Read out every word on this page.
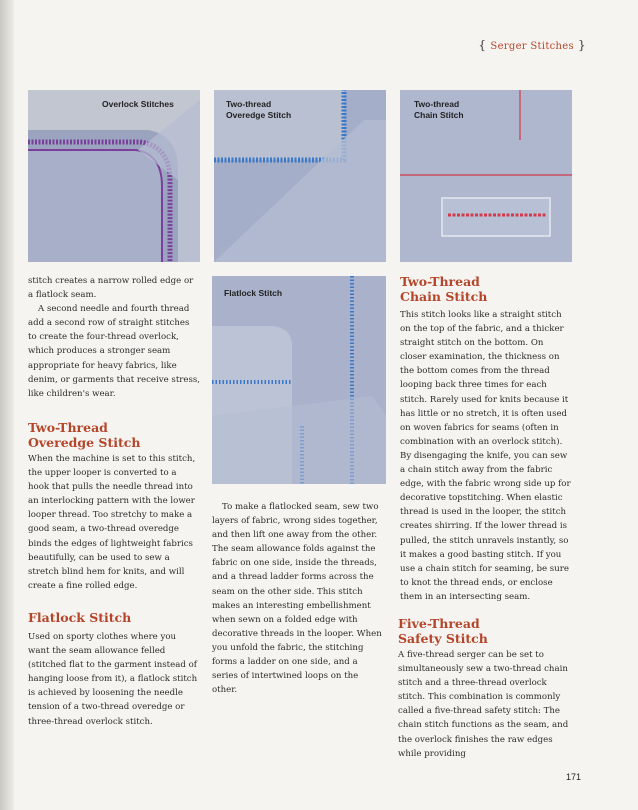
{ Serger Stitches }
Overlock Stitches	Two-thread
Overedge Stitch
Two-thread
Chain Stitch
Flatlock Stitch

stitch creates a narrow rolled edge or a flatlock seam.

A second needle and fourth thread add a second row of straight stitches to create the four-thread overlock, which produces a stronger seam appropriate for heavy fabrics, like denim, or garments that receive stress, like children's wear.

Two-Thread
Overedge Stitch

When the machine is set to this stitch, the upper looper is converted to a hook that pulls the needle thread into an interlocking pattern with the lower looper thread. Too stretchy to make a good seam, a two-thread overedge binds the edges of lightweight fabrics beautifully, can be used to sew a stretch blind hem for knits, and will create a fine rolled edge.

Flatlock Stitch

Used on sporty clothes where you want the seam allowance felled (stitched flat to the garment instead of hanging loose from it), a flatlock stitch is achieved by loosening the needle tension of a two-thread overedge or three-thread overlock stitch.

To make a flatlocked seam, sew two layers of fabric, wrong sides together, and then lift one away from the other. The seam allowance folds against the fabric on one side, inside the threads, and a thread ladder forms across the seam on the other side. This stitch makes an interesting embellishment when sewn on a folded edge with decorative threads in the looper. When you unfold the fabric, the stitching forms a ladder on one side, and a series of intertwined loops on the other.

Two-Thread
Chain Stitch

This stitch looks like a straight stitch on the top of the fabric, and a thicker straight stitch on the bottom. On closer examination, the thickness on the bottom comes from the thread looping back three times for each stitch. Rarely used for knits because it has little or no stretch, it is often used on woven fabrics for seams (often in combination with an overlock stitch). By disengaging the knife, you can sew a chain stitch away from the fabric edge, with the fabric wrong side up for decorative topstitching. When elastic thread is used in the looper, the stitch creates shirring. If the lower thread is pulled, the stitch unravels instantly, so it makes a good basting stitch. If you use a chain stitch for seaming, be sure to knot the thread ends, or enclose them in an intersecting seam.

Five-Thread
Safety Stitch

A five-thread serger can be set to simultaneously sew a two-thread chain stitch and a three-thread overlock stitch. This combination is commonly called a five-thread safety stitch: The chain stitch functions as the seam, and the overlock finishes the raw edges while providing

171
